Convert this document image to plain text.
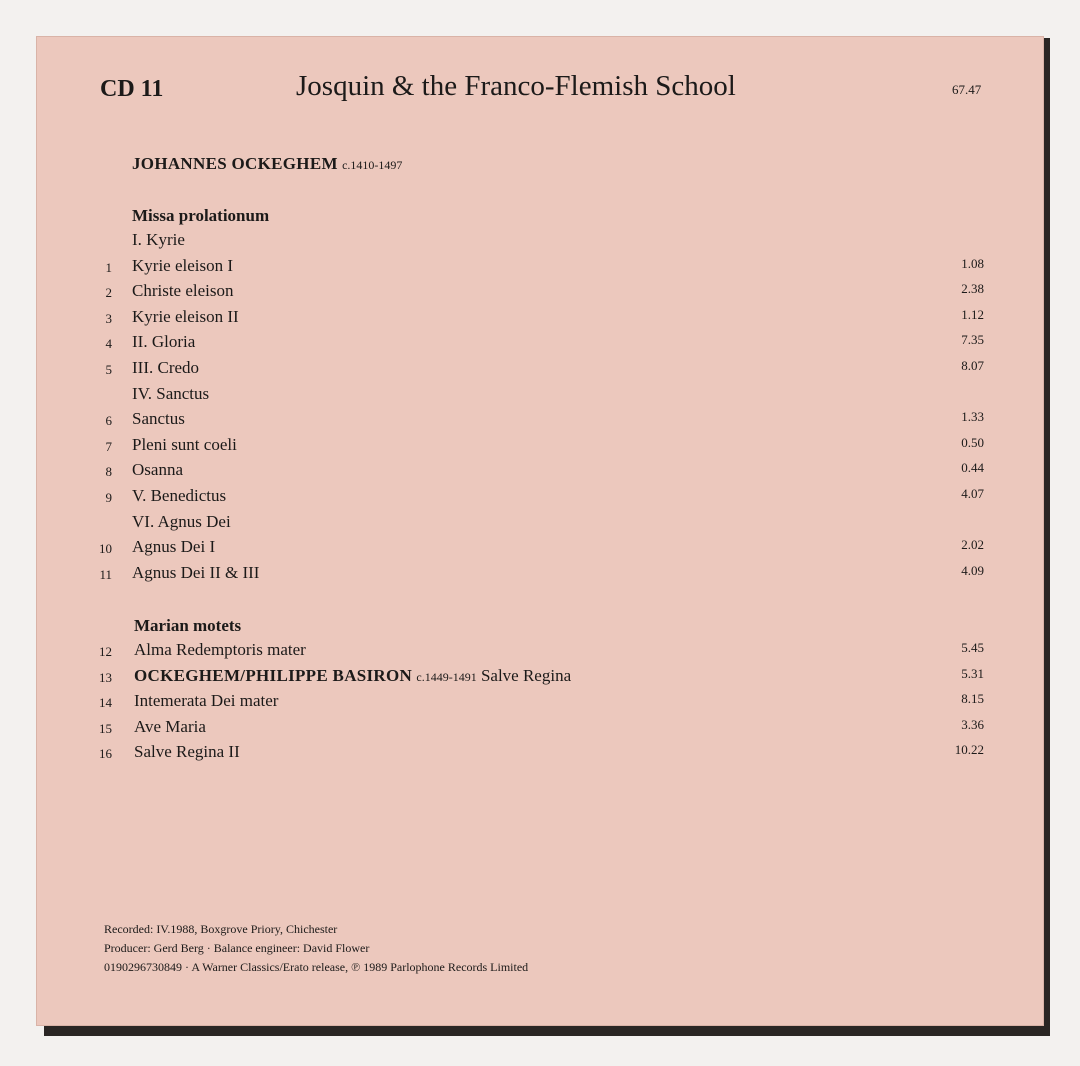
CD 11	Josquin & the Franco-Flemish School	67.47
JOHANNES OCKEGHEM c.1410-1497
Missa prolationum
I. Kyrie
1 Kyrie eleison I	1.08
2 Christe eleison	2.38
3 Kyrie eleison II	1.12
4 II. Gloria	7.35
5 III. Credo	8.07
IV. Sanctus
6 Sanctus	1.33
7 Pleni sunt coeli	0.50
8 Osanna	0.44
9 V. Benedictus	4.07
VI. Agnus Dei
10 Agnus Dei I	2.02
11 Agnus Dei II & III	4.09
Marian motets
12 Alma Redemptoris mater	5.45
13 OCKEGHEM/PHILIPPE BASIRON c.1449-1491 Salve Regina	5.31
14 Intemerata Dei mater	8.15
15 Ave Maria	3.36
16 Salve Regina II	10.22
Recorded: IV.1988, Boxgrove Priory, Chichester
Producer: Gerd Berg · Balance engineer: David Flower
0190296730849 · A Warner Classics/Erato release, ℗ 1989 Parlophone Records Limited
